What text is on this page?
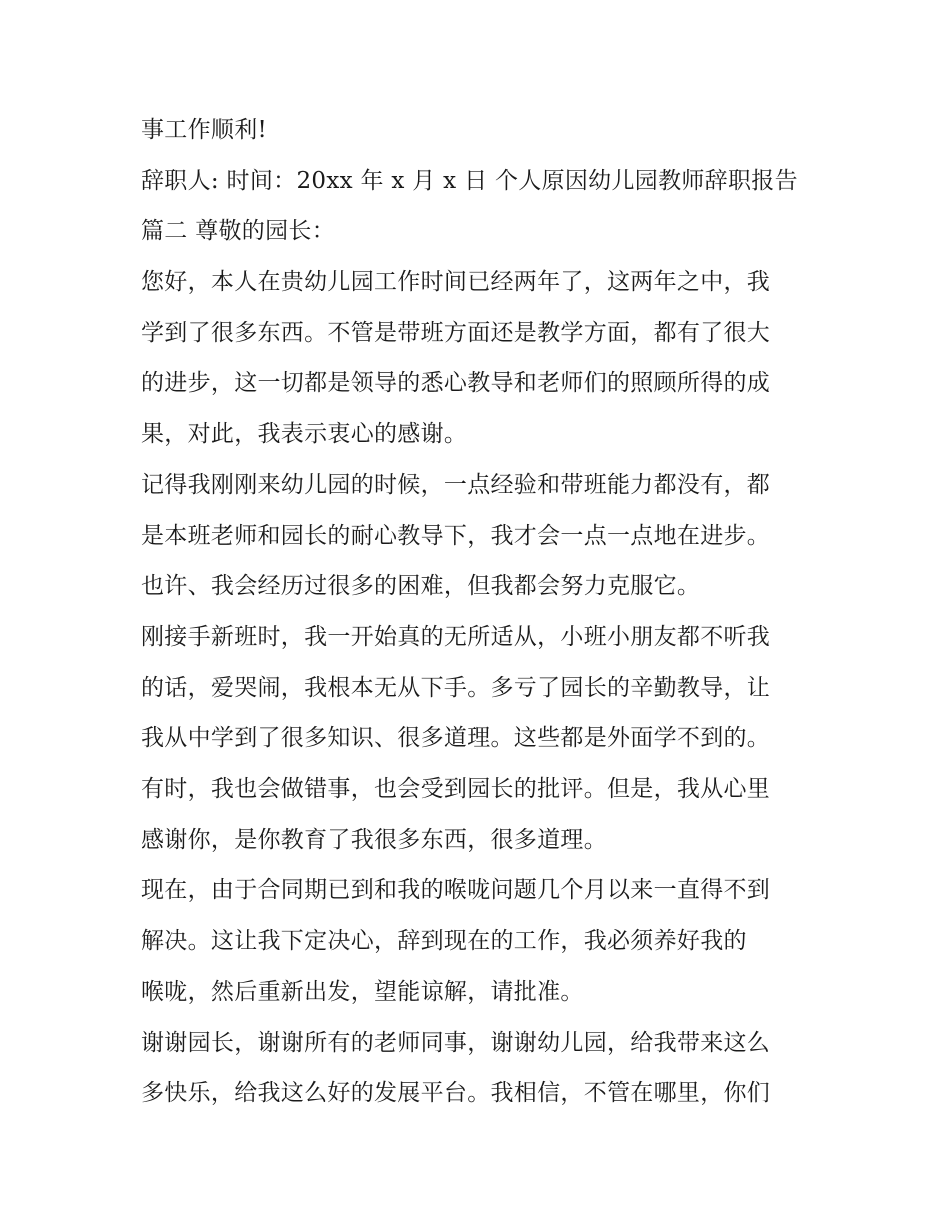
事工作顺利!

辞职人: 时间：20xx 年 x 月 x 日 个人原因幼儿园教师辞职报告

篇二 尊敬的园长：

您好，本人在贵幼儿园工作时间已经两年了，这两年之中，我

学到了很多东西。不管是带班方面还是教学方面，都有了很大

的进步，这一切都是领导的悉心教导和老师们的照顾所得的成

果，对此，我表示衷心的感谢。

记得我刚刚来幼儿园的时候，一点经验和带班能力都没有，都

是本班老师和园长的耐心教导下，我才会一点一点地在进步。

也许、我会经历过很多的困难，但我都会努力克服它。

刚接手新班时，我一开始真的无所适从，小班小朋友都不听我

的话，爱哭闹，我根本无从下手。多亏了园长的辛勤教导，让

我从中学到了很多知识、很多道理。这些都是外面学不到的。

有时，我也会做错事，也会受到园长的批评。但是，我从心里

感谢你，是你教育了我很多东西，很多道理。

现在，由于合同期已到和我的喉咙问题几个月以来一直得不到

解决。这让我下定决心，辞到现在的工作，我必须养好我的

喉咙，然后重新出发，望能谅解，请批准。

谢谢园长，谢谢所有的老师同事，谢谢幼儿园，给我带来这么

多快乐，给我这么好的发展平台。我相信，不管在哪里，你们
